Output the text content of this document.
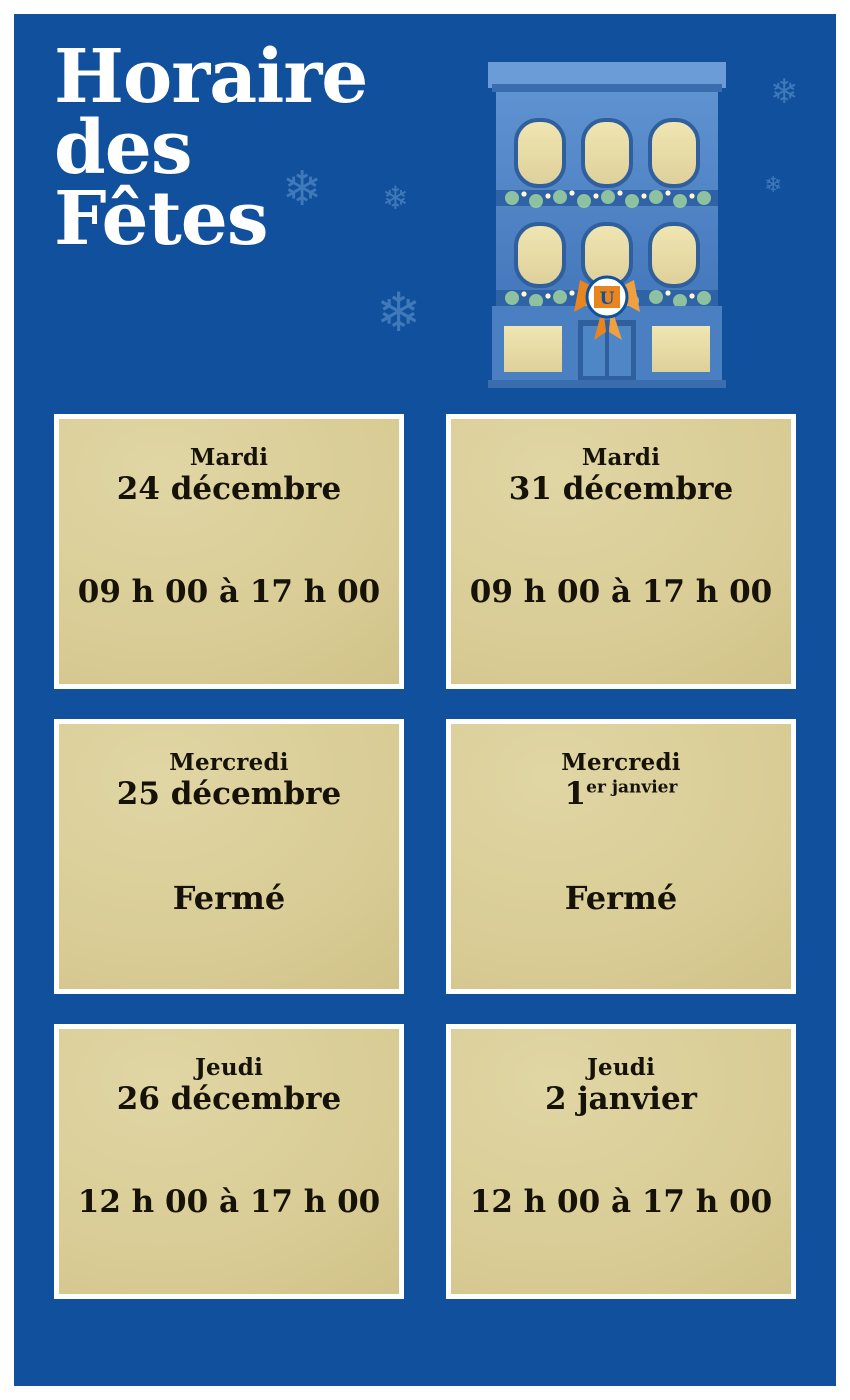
❄
❄
❄ ❄
❄
Horaire
des
Fêtes
U
Mardi
24 décembre
09 h 00 à 17 h 00
Mardi
31 décembre
09 h 00 à 17 h 00
Mercredi
25 décembre
Fermé
Mercredi
$1^{er janvier}$
Fermé
Jeudi
26 décembre
12 h 00 à 17 h 00
Jeudi
2 janvier
12 h 00 à 17 h 00
